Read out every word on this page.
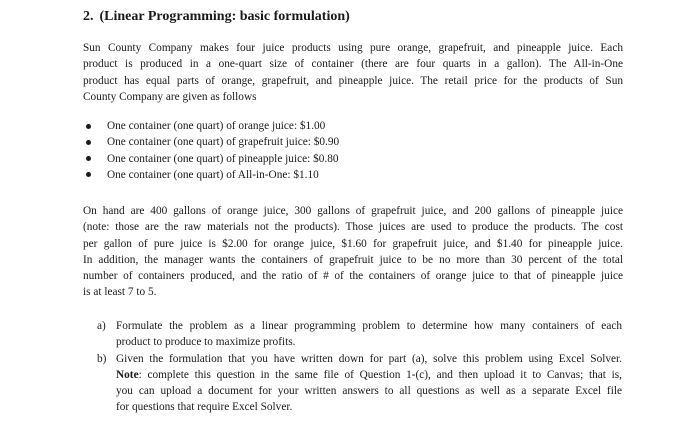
2. (Linear Programming: basic formulation)

Sun County Company makes four juice products using pure orange, grapefruit, and pineapple juice. Each
product is produced in a one-quart size of container (there are four quarts in a gallon). The All-in-One
product has equal parts of orange, grapefruit, and pineapple juice. The retail price for the products of Sun
County Company are given as follows

One container (one quart) of orange juice: $1.00
One container (one quart) of grapefruit juice: $0.90
One container (one quart) of pineapple juice: $0.80
One container (one quart) of All-in-One: $1.10

On hand are 400 gallons of orange juice, 300 gallons of grapefruit juice, and 200 gallons of pineapple juice
(note: those are the raw materials not the products). Those juices are used to produce the products. The cost
per gallon of pure juice is $2.00 for orange juice, $1.60 for grapefruit juice, and $1.40 for pineapple juice.
In addition, the manager wants the containers of grapefruit juice to be no more than 30 percent of the total
number of containers produced, and the ratio of # of the containers of orange juice to that of pineapple juice
is at least 7 to 5.

a) Formulate the problem as a linear programming problem to determine how many containers of each
product to produce to maximize profits.
b) Given the formulation that you have written down for part (a), solve this problem using Excel Solver.
Note: complete this question in the same file of Question 1-(c), and then upload it to Canvas; that is,
you can upload a document for your written answers to all questions as well as a separate Excel file
for questions that require Excel Solver.
